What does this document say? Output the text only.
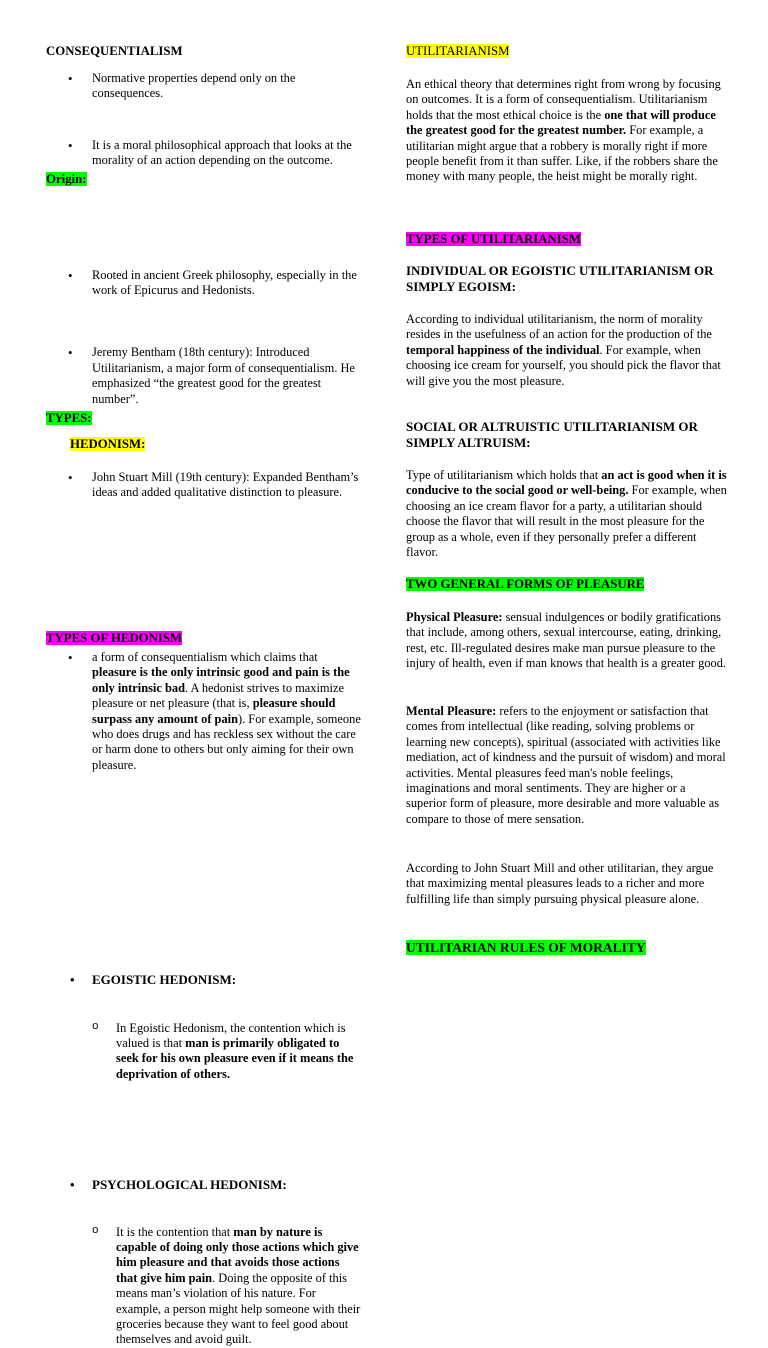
CONSEQUENTIALISM

• Normative properties depend only on the consequences.

• It is a moral philosophical approach that looks at the morality of an action depending on the outcome.

Origin:

• Rooted in ancient Greek philosophy, especially in the work of Epicurus and Hedonists.

• Jeremy Bentham (18th century): Introduced Utilitarianism, a major form of consequentialism. He emphasized “the greatest good for the greatest number”.

• John Stuart Mill (19th century): Expanded Bentham’s ideas and added qualitative distinction to pleasure.

TYPES:

HEDONISM:

• a form of consequentialism which claims that pleasure is the only intrinsic good and pain is the only intrinsic bad. A hedonist strives to maximize pleasure or net pleasure (that is, pleasure should surpass any amount of pain). For example, someone who does drugs and has reckless sex without the care or harm done to others but only aiming for their own pleasure.

TYPES OF HEDONISM

• EGOISTIC HEDONISM:

o In Egoistic Hedonism, the contention which is valued is that man is primarily obligated to seek for his own pleasure even if it means the deprivation of others.

• PSYCHOLOGICAL HEDONISM:

o It is the contention that man by nature is capable of doing only those actions which give him pleasure and that avoids those actions that give him pain. Doing the opposite of this means man’s violation of his nature. For example, a person might help someone with their groceries because they want to feel good about themselves and avoid guilt.

UTILITARIANISM

An ethical theory that determines right from wrong by focusing on outcomes. It is a form of consequentialism. Utilitarianism holds that the most ethical choice is the one that will produce the greatest good for the greatest number. For example, a utilitarian might argue that a robbery is morally right if more people benefit from it than suffer. Like, if the robbers share the money with many people, the heist might be morally right.

TYPES OF UTILITARIANISM

INDIVIDUAL OR EGOISTIC UTILITARIANISM OR SIMPLY EGOISM:

According to individual utilitarianism, the norm of morality resides in the usefulness of an action for the production of the temporal happiness of the individual. For example, when choosing ice cream for yourself, you should pick the flavor that will give you the most pleasure.

SOCIAL OR ALTRUISTIC UTILITARIANISM OR SIMPLY ALTRUISM:

Type of utilitarianism which holds that an act is good when it is conducive to the social good or well-being. For example, when choosing an ice cream flavor for a party, a utilitarian should choose the flavor that will result in the most pleasure for the group as a whole, even if they personally prefer a different flavor.

TWO GENERAL FORMS OF PLEASURE

Physical Pleasure: sensual indulgences or bodily gratifications that include, among others, sexual intercourse, eating, drinking, rest, etc. Ill-regulated desires make man pursue pleasure to the injury of health, even if man knows that health is a greater good.

Mental Pleasure: refers to the enjoyment or satisfaction that comes from intellectual (like reading, solving problems or learning new concepts), spiritual (associated with activities like mediation, act of kindness and the pursuit of wisdom) and moral activities. Mental pleasures feed man's noble feelings, imaginations and moral sentiments. They are higher or a superior form of pleasure, more desirable and more valuable as compare to those of mere sensation.

According to John Stuart Mill and other utilitarian, they argue that maximizing mental pleasures leads to a richer and more fulfilling life than simply pursuing physical pleasure alone.

UTILITARIAN RULES OF MORALITY
